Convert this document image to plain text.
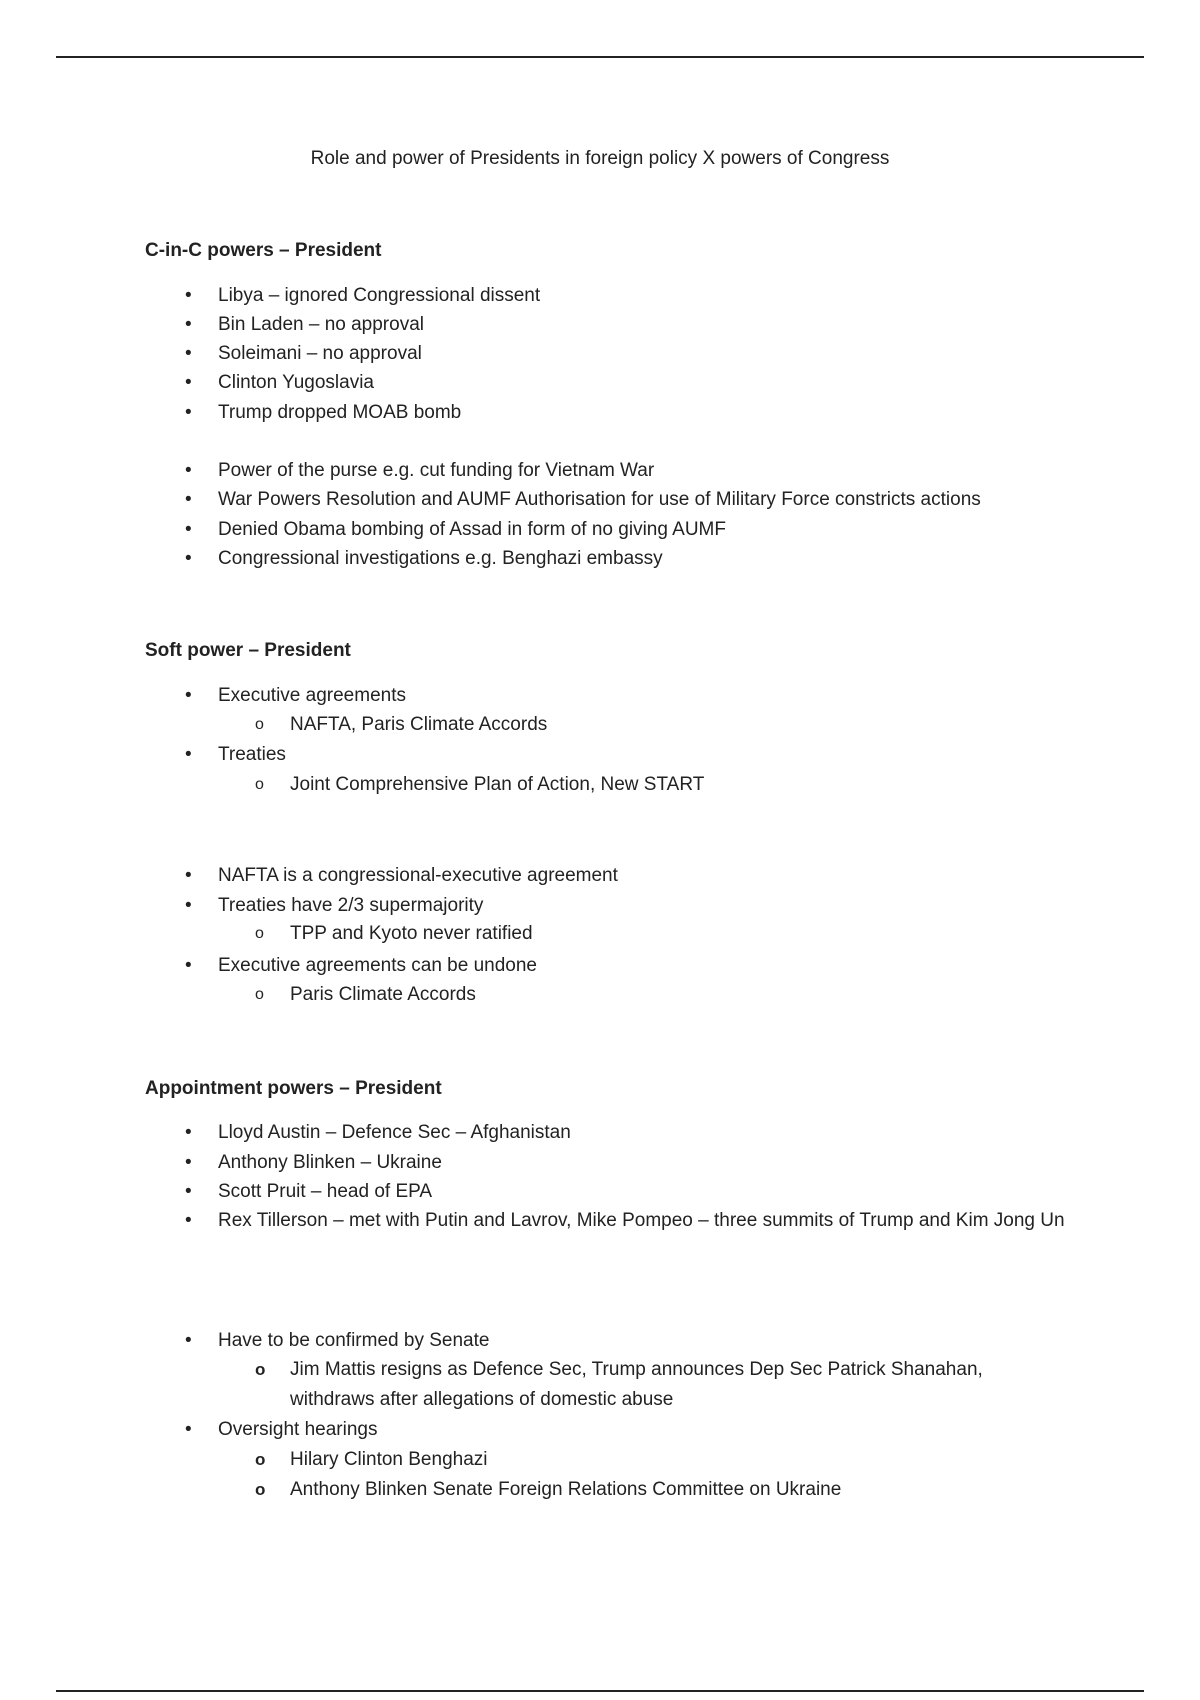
Role and power of Presidents in foreign policy X powers of Congress
C-in-C powers – President
• Libya – ignored Congressional dissent
• Bin Laden – no approval
• Soleimani – no approval
• Clinton Yugoslavia
• Trump dropped MOAB bomb
• Power of the purse e.g. cut funding for Vietnam War
• War Powers Resolution and AUMF Authorisation for use of Military Force constricts actions
• Denied Obama bombing of Assad in form of no giving AUMF
• Congressional investigations e.g. Benghazi embassy
Soft power – President
• Executive agreements
o NAFTA, Paris Climate Accords
• Treaties
o Joint Comprehensive Plan of Action, New START
• NAFTA is a congressional-executive agreement
• Treaties have 2/3 supermajority
o TPP and Kyoto never ratified
• Executive agreements can be undone
o Paris Climate Accords
Appointment powers – President
• Lloyd Austin – Defence Sec – Afghanistan
• Anthony Blinken – Ukraine
• Scott Pruit – head of EPA
• Rex Tillerson – met with Putin and Lavrov, Mike Pompeo – three summits of Trump and Kim Jong Un
• Have to be confirmed by Senate
o Jim Mattis resigns as Defence Sec, Trump announces Dep Sec Patrick Shanahan, withdraws after allegations of domestic abuse
• Oversight hearings
o Hilary Clinton Benghazi
o Anthony Blinken Senate Foreign Relations Committee on Ukraine
